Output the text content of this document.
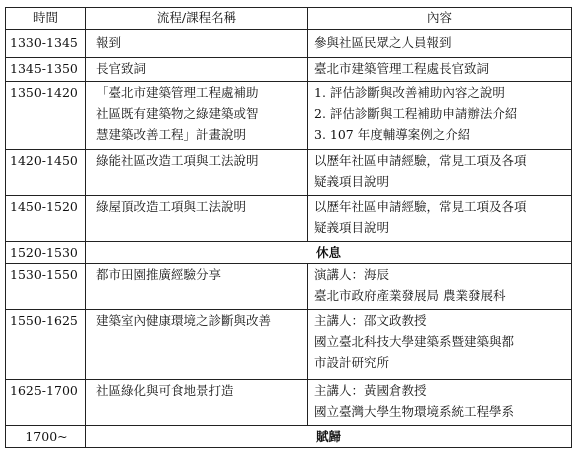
時間	流程/課程名稱	內容
1330-1345	報到	參與社區民眾之人員報到

1345-1350	長官致詞	臺北市建築管理工程處長官致詞

1350-1420	「臺北市建築管理工程處補助
社區既有建築物之綠建築或智
慧建築改善工程」計畫說明	1. 評估診斷與改善補助內容之說明
2. 評估診斷與工程補助申請辦法介紹
3. 107 年度輔導案例之介紹

1420-1450	綠能社區改造工項與工法說明	以歷年社區申請經驗，常見工項及各項
疑義項目說明

1450-1520	綠屋頂改造工項與工法說明	以歷年社區申請經驗，常見工項及各項
疑義項目說明

1520-1530	休息	
1530-1550	都市田園推廣經驗分享	演講人：海辰
臺北市政府產業發展局 農業發展科

1550-1625	建築室內健康環境之診斷與改善	主講人：邵文政教授
國立臺北科技大學建築系暨建築與都
市設計研究所

1625-1700	社區綠化與可食地景打造	主講人：黃國倉教授
國立臺灣大學生物環境系統工程學系

1700~	賦歸	
